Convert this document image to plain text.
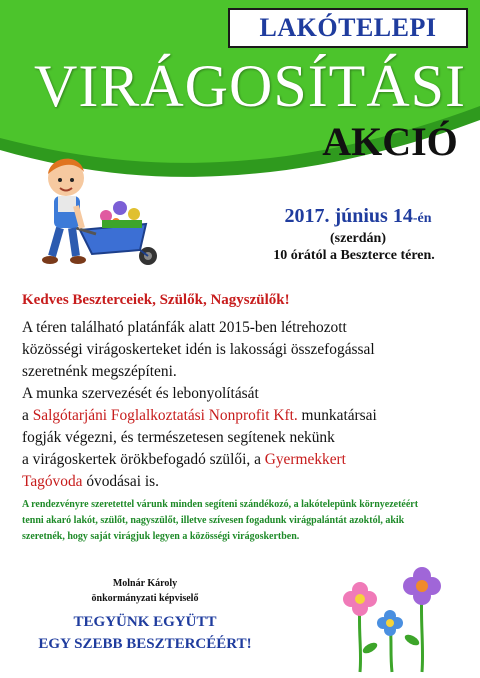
LAKÓTELEPI
VIRÁGOSÍTÁSI
AKCIÓ
2017. június 14-én
(szerdán)
10 órától a Beszterce téren.
Kedves Beszterceiek, Szülők, Nagyszülők!
A téren található platánfák alatt 2015-ben létrehozott
közösségi virágoskerteket idén is lakossági összefogással
szeretnénk megszépíteni.
A munka szervezését és lebonyolítását
a Salgótarjáni Foglalkoztatási Nonprofit Kft. munkatársai
fogják végezni, és természetesen segítenek nekünk
a virágoskertek örökbefogadó szülői, a Gyermekkert
Tagóvoda óvodásai is.
A rendezvényre szeretettel várunk minden segíteni szándékozó, a lakótelepünk környezetéért tenni akaró lakót, szülőt, nagyszülőt, illetve szívesen fogadunk virágpalántát azoktól, akik szeretnék, hogy saját virágjuk legyen a közösségi virágoskertben.
Molnár Károly
önkormányzati képviselő
TEGYÜNK EGYÜTT
EGY SZEBB BESZTERCÉÉRT!
